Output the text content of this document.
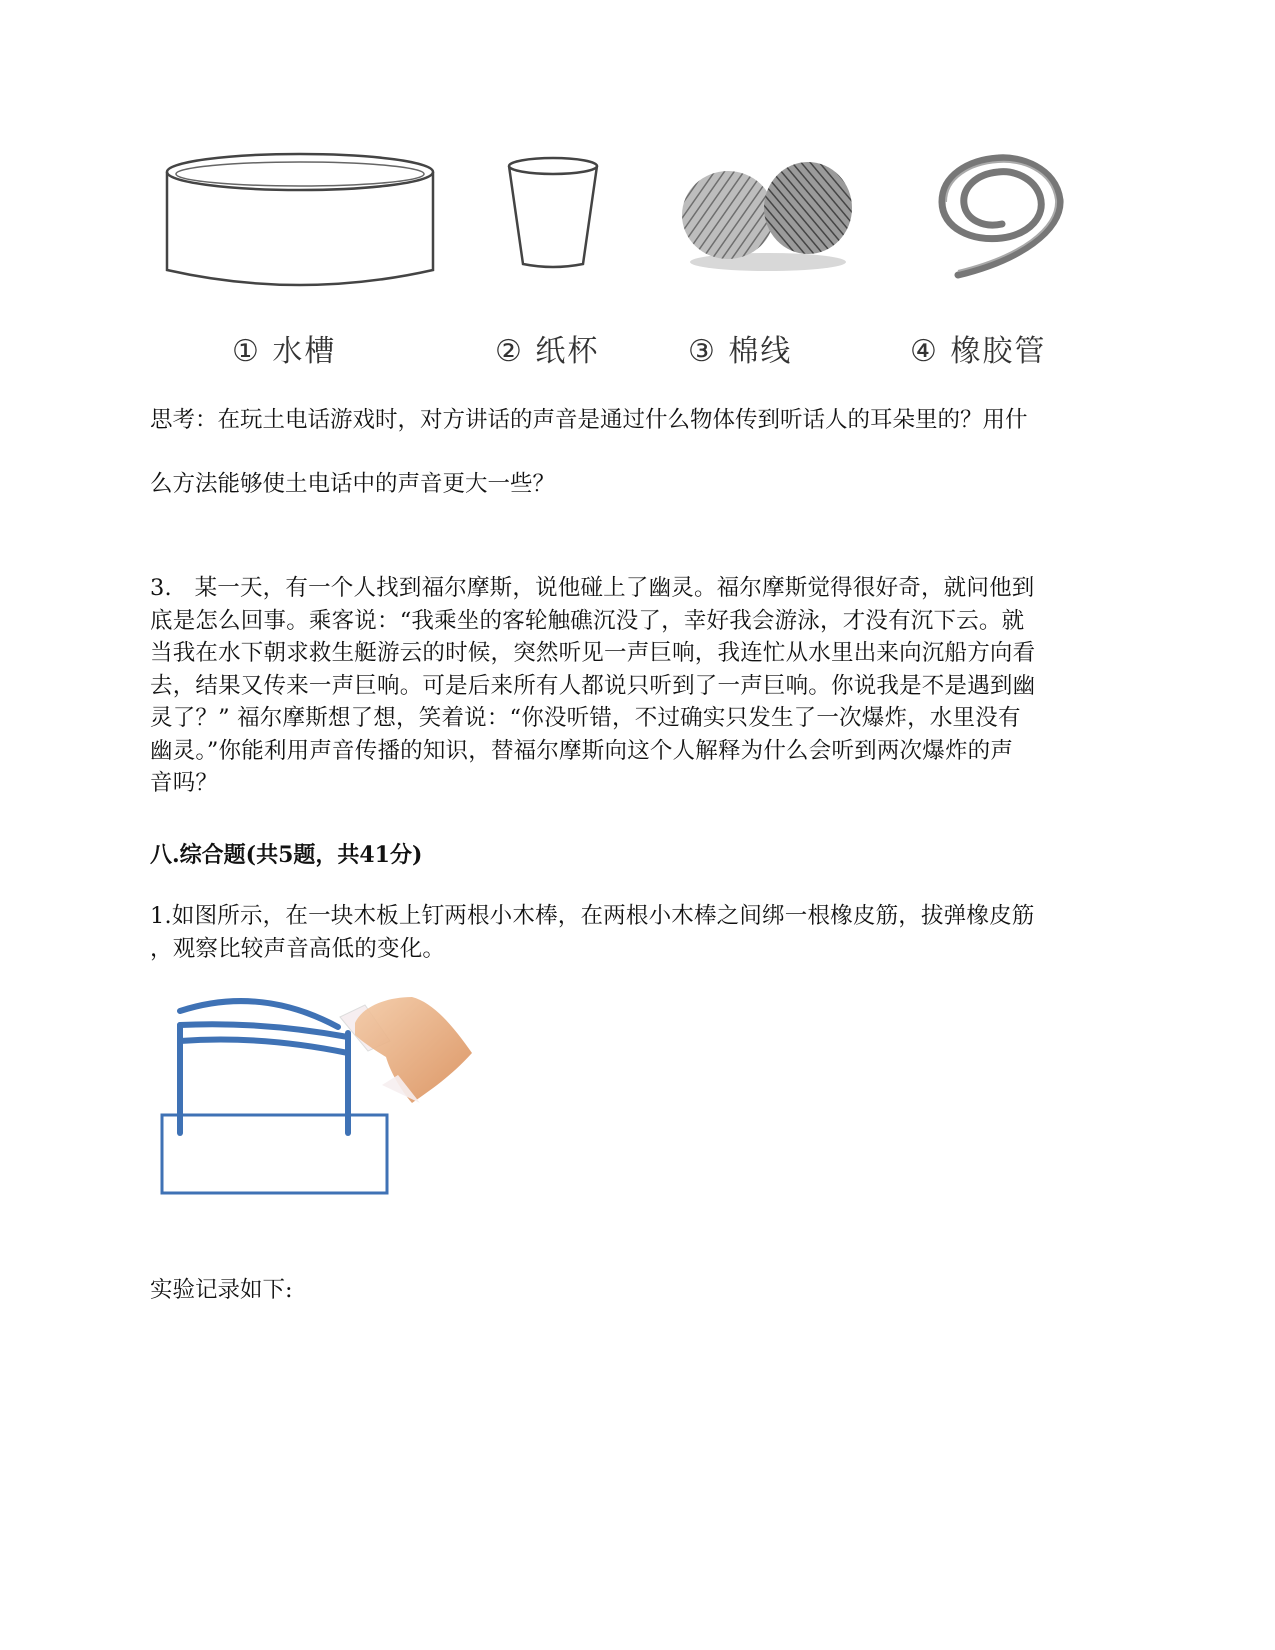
① 水槽	② 纸杯	③ 棉线	④ 橡胶管
思考：在玩土电话游戏时，对方讲话的声音是通过什么物体传到听话人的耳朵里的？用什
么方法能够使土电话中的声音更大一些？
3.　某一天，有一个人找到福尔摩斯，说他碰上了幽灵。福尔摩斯觉得很好奇，就问他到
底是怎么回事。乘客说：“我乘坐的客轮触礁沉没了，幸好我会游泳，才没有沉下云。就
当我在水下朝求救生艇游云的时候，突然听见一声巨响，我连忙从水里出来向沉船方向看
去，结果又传来一声巨响。可是后来所有人都说只听到了一声巨响。你说我是不是遇到幽
灵了？” 福尔摩斯想了想，笑着说：“你没听错，不过确实只发生了一次爆炸，水里没有
幽灵。”你能利用声音传播的知识，替福尔摩斯向这个人解释为什么会听到两次爆炸的声
音吗？
八.综合题(共5题，共41分)
1.如图所示，在一块木板上钉两根小木棒，在两根小木棒之间绑一根橡皮筋，拔弹橡皮筋
，观察比较声音高低的变化。
实验记录如下:
